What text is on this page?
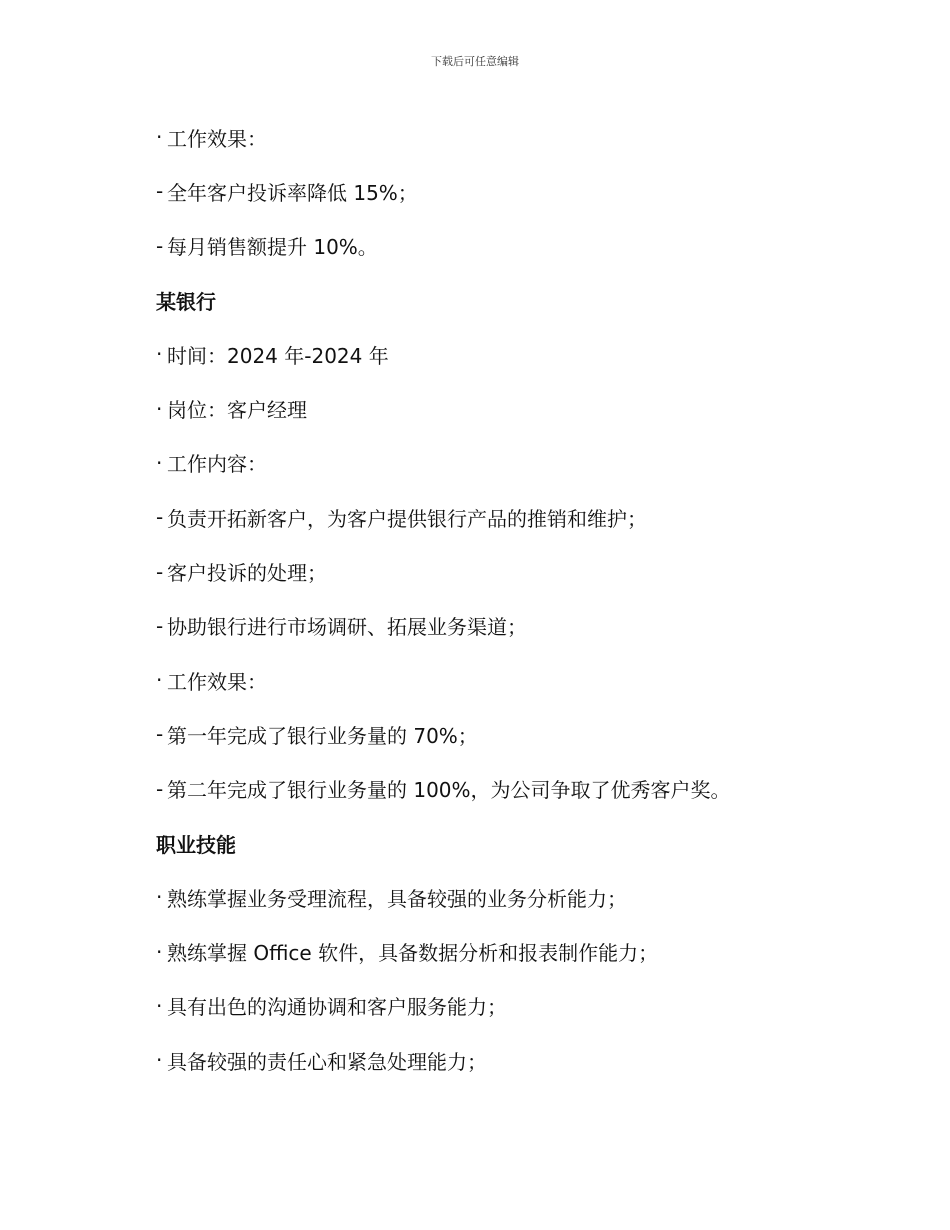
下载后可任意编辑
· 工作效果：
- 全年客户投诉率降低 15%；
- 每月销售额提升 10%。
某银行
· 时间：2024 年-2024 年
· 岗位：客户经理
· 工作内容：
- 负责开拓新客户，为客户提供银行产品的推销和维护；
- 客户投诉的处理；
- 协助银行进行市场调研、拓展业务渠道；
· 工作效果：
- 第一年完成了银行业务量的 70%；
- 第二年完成了银行业务量的 100%，为公司争取了优秀客户奖。
职业技能
· 熟练掌握业务受理流程，具备较强的业务分析能力；
· 熟练掌握 Office 软件，具备数据分析和报表制作能力；
· 具有出色的沟通协调和客户服务能力；
· 具备较强的责任心和紧急处理能力；
